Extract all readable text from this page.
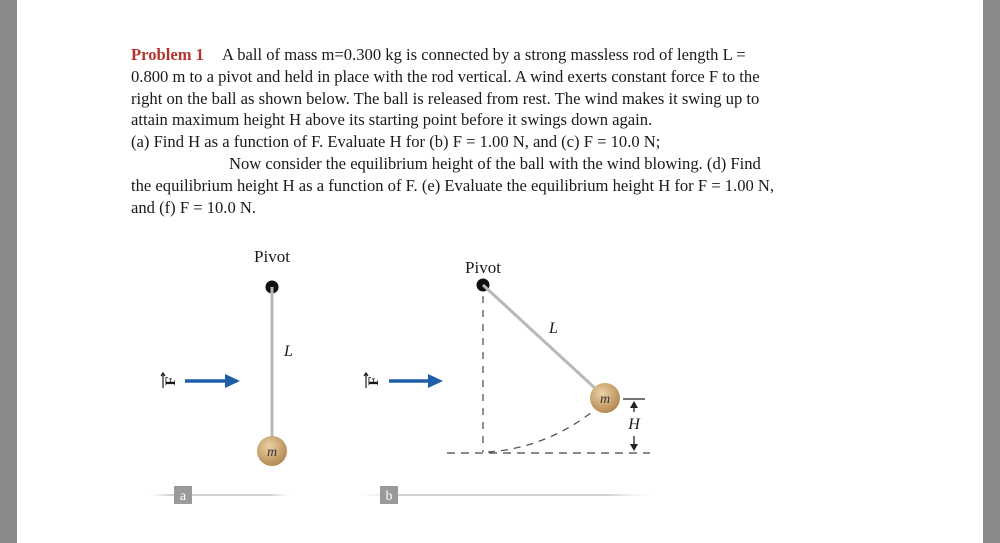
Problem 1 A ball of mass m=0.300 kg is connected by a strong massless rod of length L =
0.800 m to a pivot and held in place with the rod vertical. A wind exerts constant force F to the
right on the ball as shown below. The ball is released from rest. The wind makes it swing up to
attain maximum height H above its starting point before it swings down again.
(a) Find H as a function of F. Evaluate H for (b) F = 1.00 N, and (c) F = 10.0 N;
Now consider the equilibrium height of the ball with the wind blowing. (d) Find
the equilibrium height H as a function of F. (e) Evaluate the equilibrium height H for F = 1.00 N,
and (f) F = 10.0 N.
Pivot
L
m
F
a
Pivot
L
m
H
F
b
